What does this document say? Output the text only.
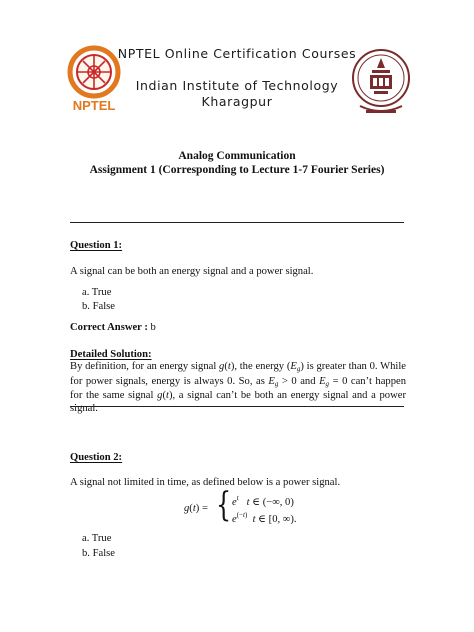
NPTEL
NPTEL Online Certification Courses
Indian Institute of Technology
Kharagpur
Analog Communication
Assignment 1 (Corresponding to Lecture 1-7 Fourier Series)
Question 1:
A signal can be both an energy signal and a power signal.
a. True
b. False
Correct Answer : b
Detailed Solution:
By definition, for an energy signal g(t), the energy $(E_g)$ is greater than 0. While for power signals, energy is always 0. So, as $E_g > 0$ and $E_g = 0$ can’t happen for the same signal g(t), a signal can’t be both an energy signal and a power signal.
Question 2:
A signal not limited in time, as defined below is a power signal.
g(t) = { $e^t$ t ∈ (−∞, 0)
$e^{(-t)}$ t ∈ [0, ∞).
a. True
b. False
